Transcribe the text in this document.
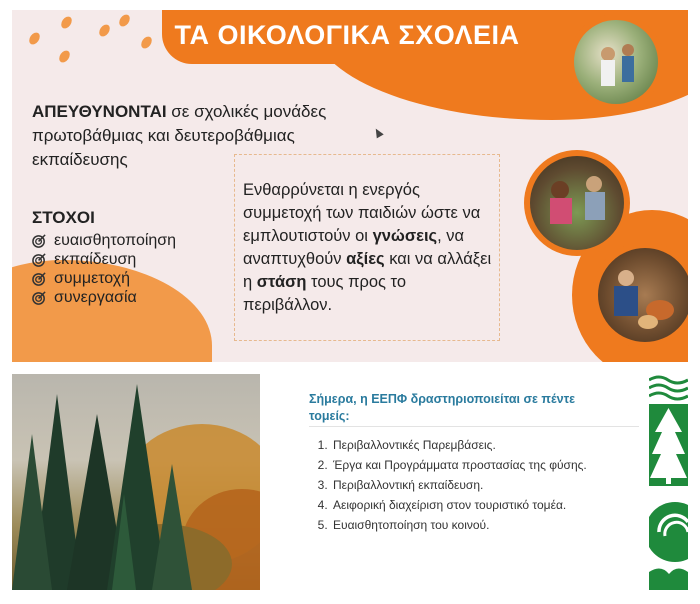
ΤΑ ΟΙΚΟΛΟΓΙΚΑ ΣΧΟΛΕΙΑ
ΑΠΕΥΘΥΝΟΝΤΑΙ σε σχολικές μονάδες πρωτοβάθμιας και δευτεροβάθμιας εκπαίδευσης
ΣΤΟΧΟΙ
ευαισθητοποίηση
εκπαίδευση
συμμετοχή
συνεργασία
Ενθαρρύνεται η ενεργός συμμετοχή των παιδιών ώστε να εμπλουτιστούν οι γνώσεις, να αναπτυχθούν αξίες και να αλλάξει η στάση τους προς το περιβάλλον.
Σήμερα, η ΕΕΠΦ δραστηριοποιείται σε πέντε τομείς:
1. Περιβαλλοντικές Παρεμβάσεις.
2. Έργα και Προγράμματα προστασίας της φύσης.
3. Περιβαλλοντική εκπαίδευση.
4. Αειφορική διαχείριση στον τουριστικό τομέα.
5. Ευαισθητοποίηση του κοινού.
